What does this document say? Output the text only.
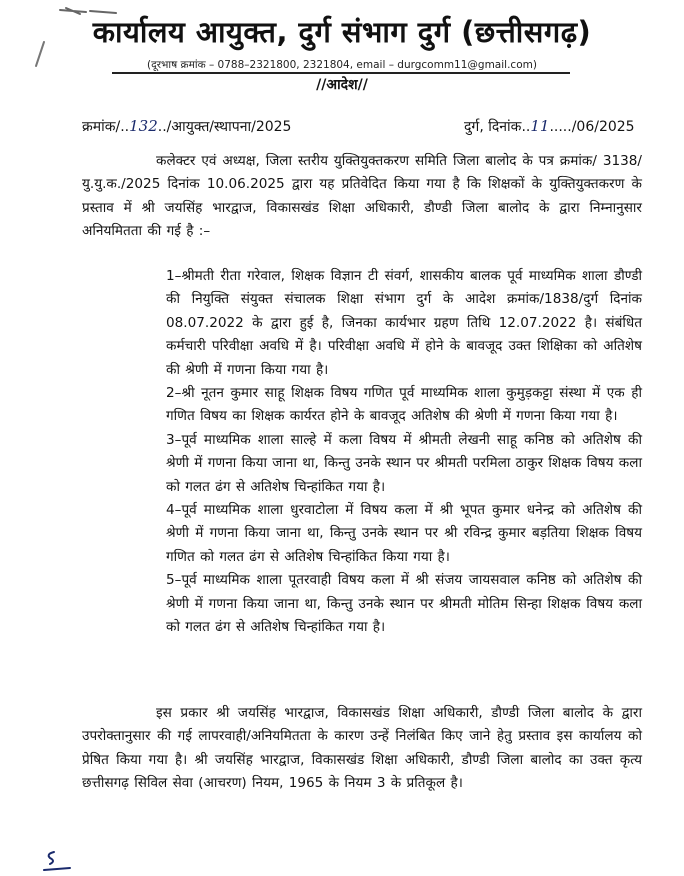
कार्यालय आयुक्त, दुर्ग संभाग दुर्ग (छत्तीसगढ़)
(दूरभाष क्रमांक – 0788–2321800, 2321804, email – durgcomm11@gmail.com)
//आदेश//
क्रमांक/..132../आयुक्त/स्थापना/2025	दुर्ग, दिनांक..11...../06/2025
कलेक्टर एवं अध्यक्ष, जिला स्तरीय युक्तियुक्तकरण समिति जिला बालोद के पत्र क्रमांक/ 3138/यु.यु.क./2025 दिनांक 10.06.2025 द्वारा यह प्रतिवेदित किया गया है कि शिक्षकों के युक्तियुक्तकरण के प्रस्ताव में श्री जयसिंह भारद्वाज, विकासखंड शिक्षा अधिकारी, डौण्डी जिला बालोद के द्वारा निम्नानुसार अनियमितता की गई है :–

1–श्रीमती रीता गरेवाल, शिक्षक विज्ञान टी संवर्ग, शासकीय बालक पूर्व माध्यमिक शाला डौण्डी की नियुक्ति संयुक्त संचालक शिक्षा संभाग दुर्ग के आदेश क्रमांक/1838/दुर्ग दिनांक 08.07.2022 के द्वारा हुई है, जिनका कार्यभार ग्रहण तिथि 12.07.2022 है। संबंधित कर्मचारी परिवीक्षा अवधि में है। परिवीक्षा अवधि में होने के बावजूद उक्त शिक्षिका को अतिशेष की श्रेणी में गणना किया गया है।

2–श्री नूतन कुमार साहू शिक्षक विषय गणित पूर्व माध्यमिक शाला कुमुड़कट्टा संस्था में एक ही गणित विषय का शिक्षक कार्यरत होने के बावजूद अतिशेष की श्रेणी में गणना किया गया है।

3–पूर्व माध्यमिक शाला साल्हे में कला विषय में श्रीमती लेखनी साहू कनिष्ठ को अतिशेष की श्रेणी में गणना किया जाना था, किन्तु उनके स्थान पर श्रीमती परमिला ठाकुर शिक्षक विषय कला को गलत ढंग से अतिशेष चिन्हांकित गया है।

4–पूर्व माध्यमिक शाला धुरवाटोला में विषय कला में श्री भूपत कुमार धनेन्द्र को अतिशेष की श्रेणी में गणना किया जाना था, किन्तु उनके स्थान पर श्री रविन्द्र कुमार बड़तिया शिक्षक विषय गणित को गलत ढंग से अतिशेष चिन्हांकित किया गया है।

5–पूर्व माध्यमिक शाला पूतरवाही विषय कला में श्री संजय जायसवाल कनिष्ठ को अतिशेष की श्रेणी में गणना किया जाना था, किन्तु उनके स्थान पर श्रीमती मोतिम सिन्हा शिक्षक विषय कला को गलत ढंग से अतिशेष चिन्हांकित गया है।

इस प्रकार श्री जयसिंह भारद्वाज, विकासखंड शिक्षा अधिकारी, डौण्डी जिला बालोद के द्वारा उपरोक्तानुसार की गई लापरवाही/अनियमितता के कारण उन्हें निलंबित किए जाने हेतु प्रस्ताव इस कार्यालय को प्रेषित किया गया है। श्री जयसिंह भारद्वाज, विकासखंड शिक्षा अधिकारी, डौण्डी जिला बालोद का उक्त कृत्य छत्तीसगढ़ सिविल सेवा (आचरण) नियम, 1965 के नियम 3 के प्रतिकूल है।
